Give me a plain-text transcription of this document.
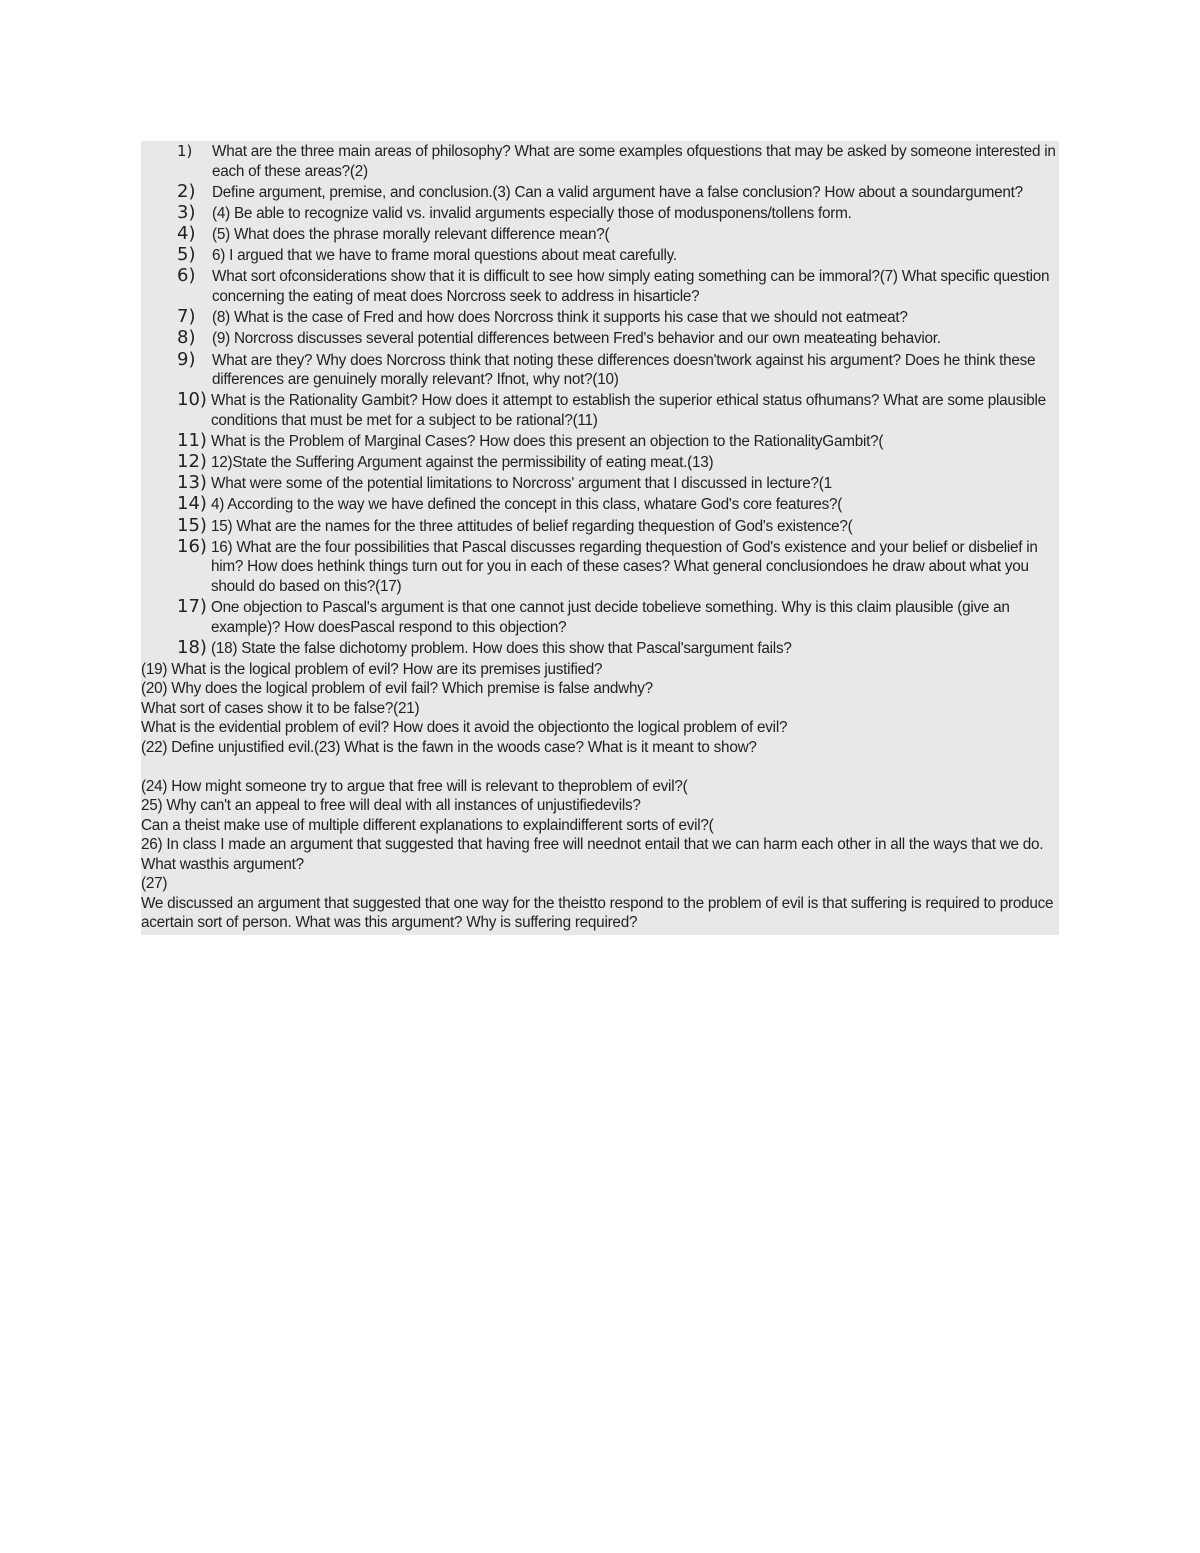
1) What are the three main areas of philosophy? What are some examples ofquestions that may be asked by someone interested in each of these areas?(2)
2) Define argument, premise, and conclusion.(3) Can a valid argument have a false conclusion? How about a soundargument?
3) (4) Be able to recognize valid vs. invalid arguments especially those of modusponens/tollens form.
4) (5) What does the phrase morally relevant difference mean?(
5) 6) I argued that we have to frame moral questions about meat carefully.
6) What sort ofconsiderations show that it is difficult to see how simply eating something can be immoral?(7) What specific question concerning the eating of meat does Norcross seek to address in hisarticle?
7) (8) What is the case of Fred and how does Norcross think it supports his case that we should not eatmeat?
8) (9) Norcross discusses several potential differences between Fred's behavior and our own meateating behavior.
9) What are they? Why does Norcross think that noting these differences doesn'twork against his argument? Does he think these differences are genuinely morally relevant? Ifnot, why not?(10)
10) What is the Rationality Gambit? How does it attempt to establish the superior ethical status ofhumans? What are some plausible conditions that must be met for a subject to be rational?(11)
11) What is the Problem of Marginal Cases? How does this present an objection to the RationalityGambit?(
12) 12)State the Suffering Argument against the permissibility of eating meat.(13)
13) What were some of the potential limitations to Norcross' argument that I discussed in lecture?(1
14) 4) According to the way we have defined the concept in this class, whatare God's core features?(
15) 15) What are the names for the three attitudes of belief regarding thequestion of God's existence?(
16) 16) What are the four possibilities that Pascal discusses regarding thequestion of God's existence and your belief or disbelief in him? How does hethink things turn out for you in each of these cases? What general conclusiondoes he draw about what you should do based on this?(17)
17) One objection to Pascal's argument is that one cannot just decide tobelieve something. Why is this claim plausible (give an example)? How doesPascal respond to this objection?
18) (18) State the false dichotomy problem. How does this show that Pascal'sargument fails?
(19) What is the logical problem of evil? How are its premises justified?
(20) Why does the logical problem of evil fail? Which premise is false andwhy?
What sort of cases show it to be false?(21)
What is the evidential problem of evil? How does it avoid the objectionto the logical problem of evil?
(22) Define unjustified evil.(23) What is the fawn in the woods case? What is it meant to show?
(24) How might someone try to argue that free will is relevant to theproblem of evil?(
25) Why can't an appeal to free will deal with all instances of unjustifiedevils?
Can a theist make use of multiple different explanations to explaindifferent sorts of evil?(
26) In class I made an argument that suggested that having free will neednot entail that we can harm each other in all the ways that we do. What wasthis argument?
(27)
We discussed an argument that suggested that one way for the theistto respond to the problem of evil is that suffering is required to produce acertain sort of person. What was this argument? Why is suffering required?
